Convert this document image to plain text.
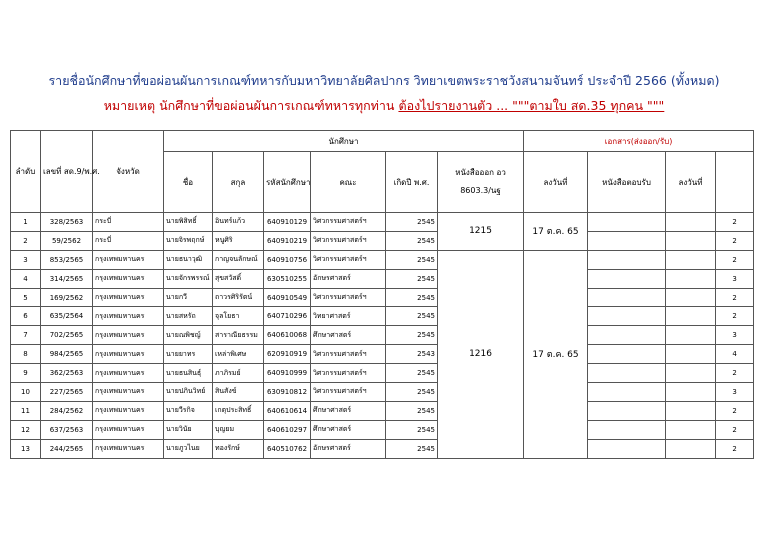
รายชื่อนักศึกษาที่ขอผ่อนผันการเกณฑ์ทหารกับมหาวิทยาลัยศิลปากร วิทยาเขตพระราชวังสนามจันทร์ ประจำปี 2566 (ทั้งหมด)
หมายเหตุ นักศึกษาที่ขอผ่อนผันการเกณฑ์ทหารทุกท่าน ต้องไปรายงานตัว ... """ตามใบ สด.35 ทุกคน """
ลำดับ	เลขที่ สด.9/พ.ศ.	จังหวัด	นักศึกษา						เอกสาร(ส่งออก/รับ)	
			ชื่อ	สกุล	รหัสนักศึกษา	คณะ	เกิดปี พ.ศ.	หนังสือออก อว 8603.3/นฐ	ลงวันที่	หนังสือตอบรับ	ลงวันที่		
1	328/2563	กระบี่	นายพิสิทธิ์	อินทร์แก้ว	640910129	วิศวกรรมศาสตร์ฯ	2545	1215	17 ต.ค. 65			2	
2	59/2562	กระบี่	นายจิรพฤกษ์	หนูศิริ	640910219	วิศวกรรมศาสตร์ฯ	2545					2	
3	853/2565	กรุงเทพมหานคร	นายธนาวุฒิ	กาญจนลักษณ์	640910756	วิศวกรรมศาสตร์ฯ	2545	1216	17 ต.ค. 65			2	
4	314/2565	กรุงเทพมหานคร	นายจักรพรรณ์	สุขสวัสดิ์	630510255	อักษรศาสตร์	2545					3	
5	169/2562	กรุงเทพมหานคร	นายกวี	ถาวรศิริรัตน์	640910549	วิศวกรรมศาสตร์ฯ	2545					2	
6	635/2564	กรุงเทพมหานคร	นายสหรัถ	จุลโยธา	640710296	วิทยาศาสตร์	2545					2	
7	702/2565	กรุงเทพมหานคร	นายณพิชญ์	สาราณียธรรม	640610068	ศึกษาศาสตร์	2545					3	
8	984/2565	กรุงเทพมหานคร	นายยาทร	เหล่าพิเศษ	620910919	วิศวกรรมศาสตร์ฯ	2543					4	
9	362/2563	กรุงเทพมหานคร	นายธนสินธุ์	ภาภิรมย์	640910999	วิศวกรรมศาสตร์ฯ	2545					2	
10	227/2565	กรุงเทพมหานคร	นายปภินวิทย์	สินสังข์	630910812	วิศวกรรมศาสตร์ฯ	2545					3	
11	284/2562	กรุงเทพมหานคร	นายวีรกิจ	เกตุประสิทธิ์	640610614	ศึกษาศาสตร์	2545					2	
12	637/2563	กรุงเทพมหานคร	นายวินัย	บุญยม	640610297	ศึกษาศาสตร์	2545					2	
13	244/2565	กรุงเทพมหานคร	นายภูวไนย	ทองรักษ์	640510762	อักษรศาสตร์	2545					2	
